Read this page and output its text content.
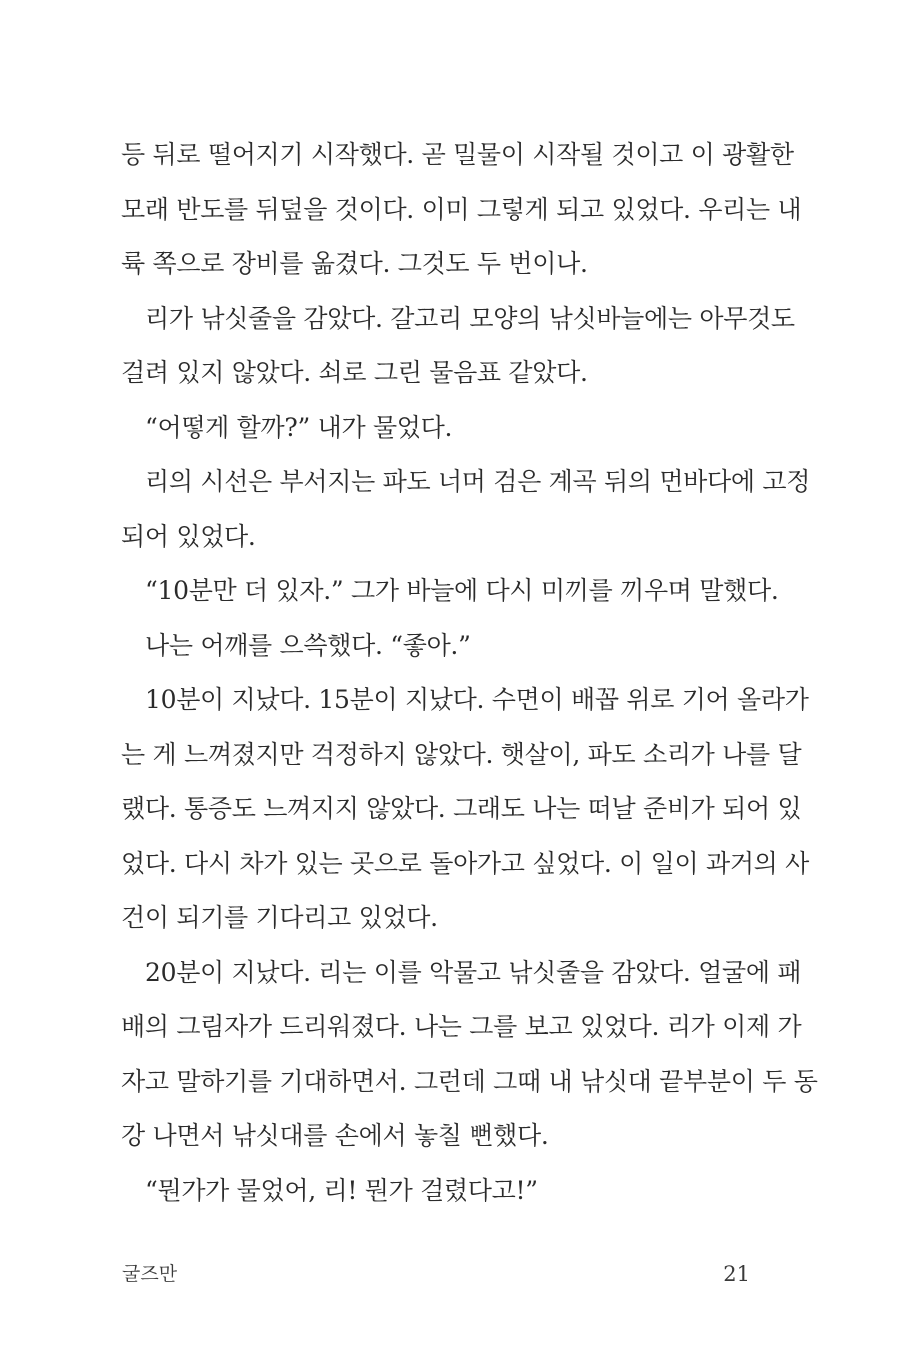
등 뒤로 떨어지기 시작했다. 곧 밀물이 시작될 것이고 이 광활한
모래 반도를 뒤덮을 것이다. 이미 그렇게 되고 있었다. 우리는 내
륙 쪽으로 장비를 옮겼다. 그것도 두 번이나.
리가 낚싯줄을 감았다. 갈고리 모양의 낚싯바늘에는 아무것도
걸려 있지 않았다. 쇠로 그린 물음표 같았다.
“어떻게 할까?” 내가 물었다.
리의 시선은 부서지는 파도 너머 검은 계곡 뒤의 먼바다에 고정
되어 있었다.
“10분만 더 있자.” 그가 바늘에 다시 미끼를 끼우며 말했다.
나는 어깨를 으쓱했다. “좋아.”
10분이 지났다. 15분이 지났다. 수면이 배꼽 위로 기어 올라가
는 게 느껴졌지만 걱정하지 않았다. 햇살이, 파도 소리가 나를 달
랬다. 통증도 느껴지지 않았다. 그래도 나는 떠날 준비가 되어 있
었다. 다시 차가 있는 곳으로 돌아가고 싶었다. 이 일이 과거의 사
건이 되기를 기다리고 있었다.
20분이 지났다. 리는 이를 악물고 낚싯줄을 감았다. 얼굴에 패
배의 그림자가 드리워졌다. 나는 그를 보고 있었다. 리가 이제 가
자고 말하기를 기대하면서. 그런데 그때 내 낚싯대 끝부분이 두 동
강 나면서 낚싯대를 손에서 놓칠 뻔했다.
“뭔가가 물었어, 리! 뭔가 걸렸다고!”
굴즈만	21
